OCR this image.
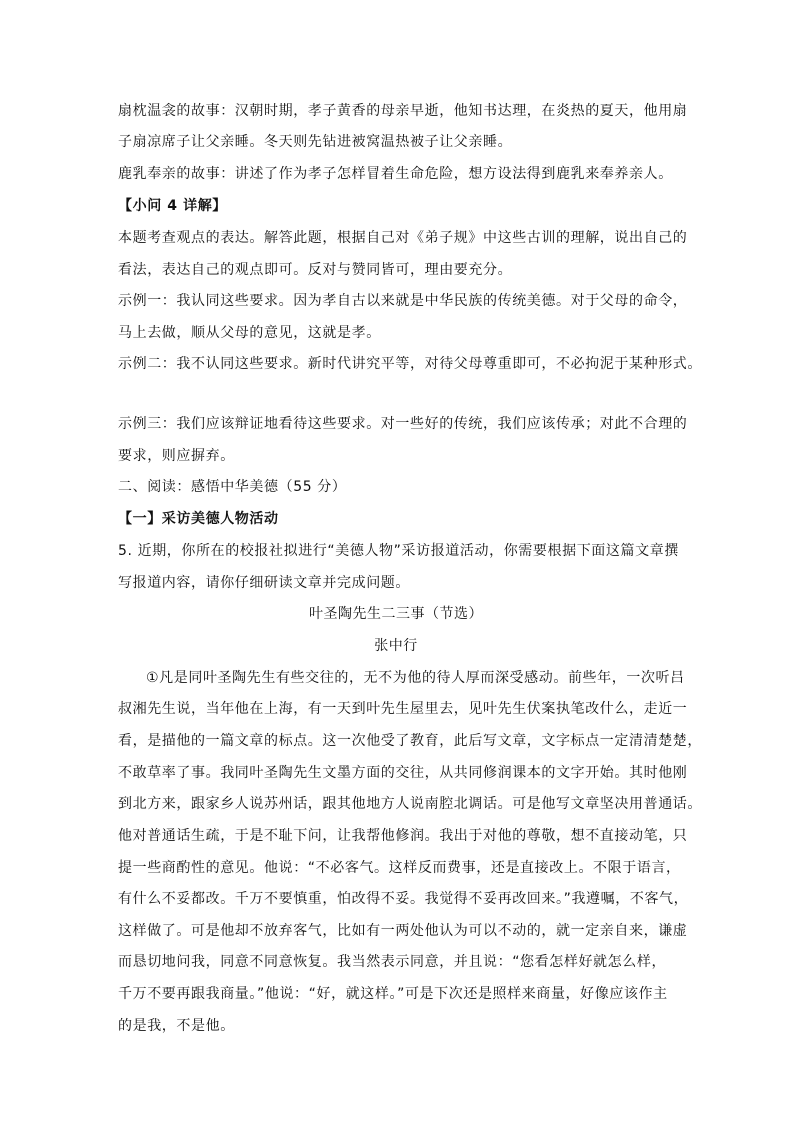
扇枕温衾的故事：汉朝时期，孝子黄香的母亲早逝，他知书达理，在炎热的夏天，他用扇
子扇凉席子让父亲睡。冬天则先钻进被窝温热被子让父亲睡。
鹿乳奉亲的故事：讲述了作为孝子怎样冒着生命危险，想方设法得到鹿乳来奉养亲人。
【小问 4 详解】
本题考查观点的表达。解答此题，根据自己对《弟子规》中这些古训的理解，说出自己的
看法，表达自己的观点即可。反对与赞同皆可，理由要充分。
示例一：我认同这些要求。因为孝自古以来就是中华民族的传统美德。对于父母的命令，
马上去做，顺从父母的意见，这就是孝。
示例二：我不认同这些要求。新时代讲究平等，对待父母尊重即可，不必拘泥于某种形式。
示例三：我们应该辩证地看待这些要求。对一些好的传统，我们应该传承；对此不合理的
要求，则应摒弃。
二、阅读：感悟中华美德（55 分）
【一】采访美德人物活动
5. 近期，你所在的校报社拟进行“美德人物”采访报道活动，你需要根据下面这篇文章撰
写报道内容，请你仔细研读文章并完成问题。
叶圣陶先生二三事（节选）
张中行
①凡是同叶圣陶先生有些交往的，无不为他的待人厚而深受感动。前些年，一次听吕
叔湘先生说，当年他在上海，有一天到叶先生屋里去，见叶先生伏案执笔改什么，走近一
看，是描他的一篇文章的标点。这一次他受了教育，此后写文章，文字标点一定清清楚楚，
不敢草率了事。我同叶圣陶先生文墨方面的交往，从共同修润课本的文字开始。其时他刚
到北方来，跟家乡人说苏州话，跟其他地方人说南腔北调话。可是他写文章坚决用普通话。
他对普通话生疏，于是不耻下问，让我帮他修润。我出于对他的尊敬，想不直接动笔，只
提一些商酌性的意见。他说：“不必客气。这样反而费事，还是直接改上。不限于语言，
有什么不妥都改。千万不要慎重，怕改得不妥。我觉得不妥再改回来。”我遵嘱，不客气，
这样做了。可是他却不放弃客气，比如有一两处他认为可以不动的，就一定亲自来，谦虚
而恳切地问我，同意不同意恢复。我当然表示同意，并且说：“您看怎样好就怎么样，
千万不要再跟我商量。”他说：“好，就这样。”可是下次还是照样来商量，好像应该作主
的是我，不是他。
